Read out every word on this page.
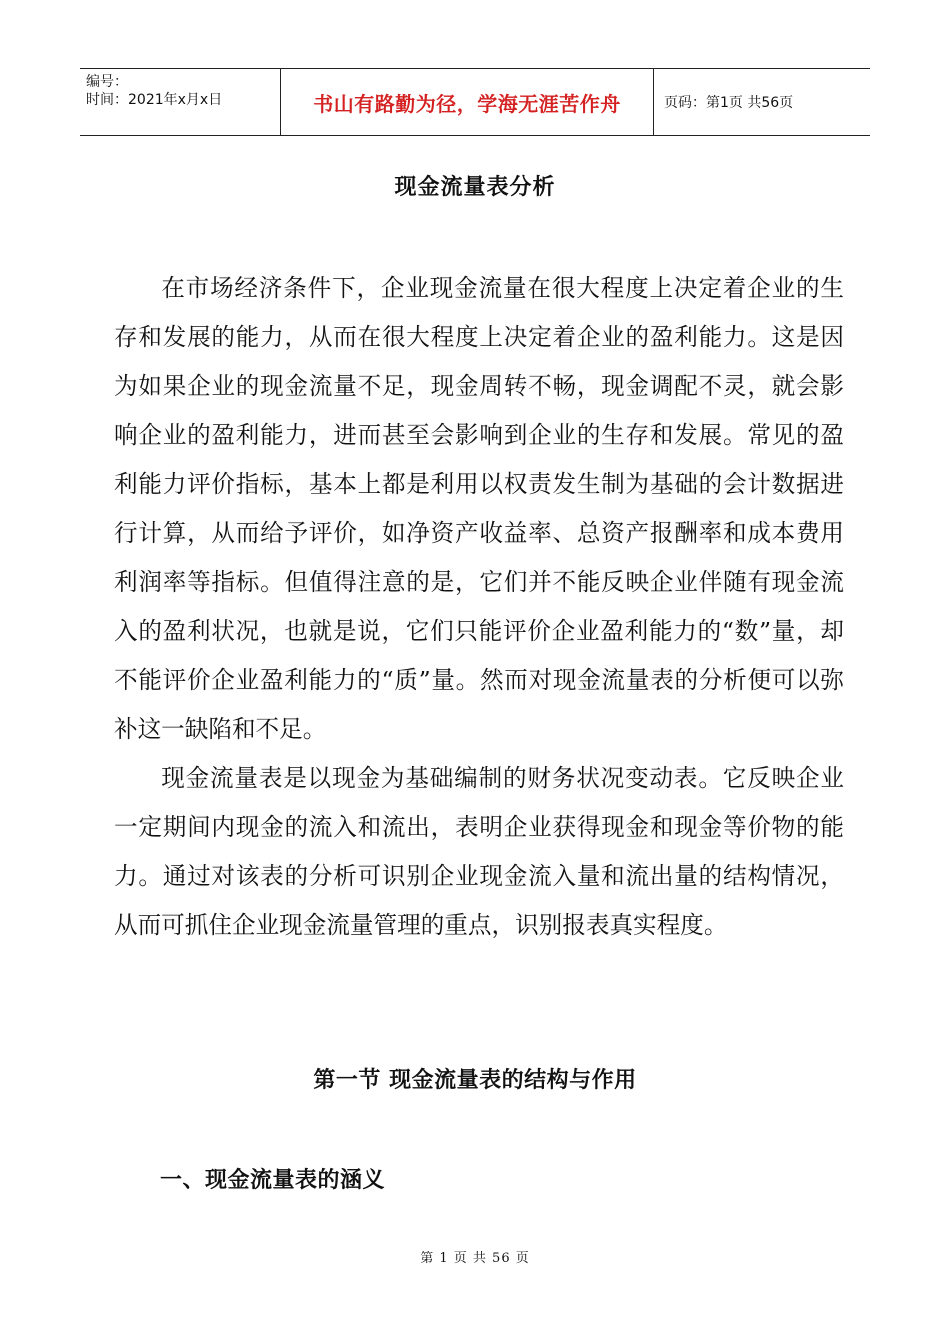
编号：
时间：2021年x月x日	书山有路勤为径，学海无涯苦作舟	页码：第1页 共56页
现金流量表分析

在市场经济条件下，企业现金流量在很大程度上决定着企业的生存和发展的能力，从而在很大程度上决定着企业的盈利能力。这是因为如果企业的现金流量不足，现金周转不畅，现金调配不灵，就会影响企业的盈利能力，进而甚至会影响到企业的生存和发展。常见的盈利能力评价指标，基本上都是利用以权责发生制为基础的会计数据进行计算，从而给予评价，如净资产收益率、总资产报酬率和成本费用利润率等指标。但值得注意的是，它们并不能反映企业伴随有现金流入的盈利状况，也就是说，它们只能评价企业盈利能力的“数”量，却不能评价企业盈利能力的“质”量。然而对现金流量表的分析便可以弥补这一缺陷和不足。

现金流量表是以现金为基础编制的财务状况变动表。它反映企业一定期间内现金的流入和流出，表明企业获得现金和现金等价物的能力。通过对该表的分析可识别企业现金流入量和流出量的结构情况，从而可抓住企业现金流量管理的重点，识别报表真实程度。

第一节 现金流量表的结构与作用
一、现金流量表的涵义
第 1 页 共 56 页
